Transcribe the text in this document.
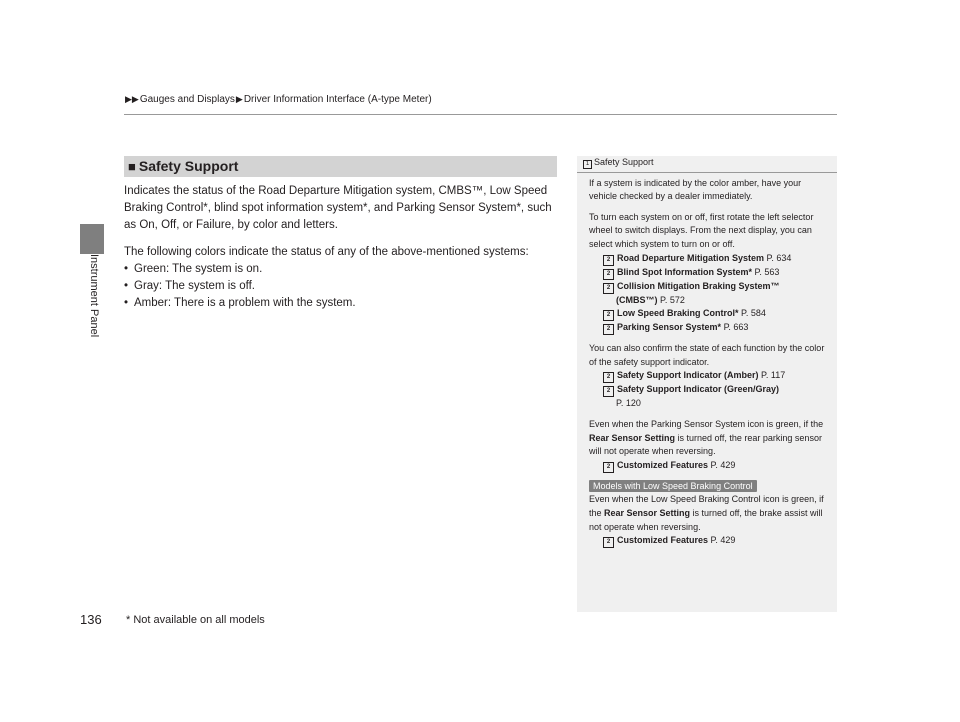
Instrument Panel
▶▶Gauges and Displays▶Driver Information Interface (A-type Meter)
■ Safety Support

Indicates the status of the Road Departure Mitigation system, CMBS™, Low Speed Braking Control*, blind spot information system*, and Parking Sensor System*, such as On, Off, or Failure, by color and letters.

The following colors indicate the status of any of the above-mentioned systems:

• Green: The system is on.
• Gray: The system is off.
• Amber: There is a problem with the system.
1 Safety Support

If a system is indicated by the color amber, have your vehicle checked by a dealer immediately.

To turn each system on or off, first rotate the left selector wheel to switch displays. From the next display, you can select which system to turn on or off.

2 Road Departure Mitigation System P. 634

2 Blind Spot Information System* P. 563

2 Collision Mitigation Braking System™

(CMBS™) P. 572

2 Low Speed Braking Control* P. 584

2 Parking Sensor System* P. 663

You can also confirm the state of each function by the color of the safety support indicator.

2 Safety Support Indicator (Amber) P. 117

2 Safety Support Indicator (Green/Gray)

P. 120

Even when the Parking Sensor System icon is green, if the Rear Sensor Setting is turned off, the rear parking sensor will not operate when reversing.

2 Customized Features P. 429

Models with Low Speed Braking Control

Even when the Low Speed Braking Control icon is green, if the Rear Sensor Setting is turned off, the brake assist will not operate when reversing.

2 Customized Features P. 429

136 * Not available on all models
